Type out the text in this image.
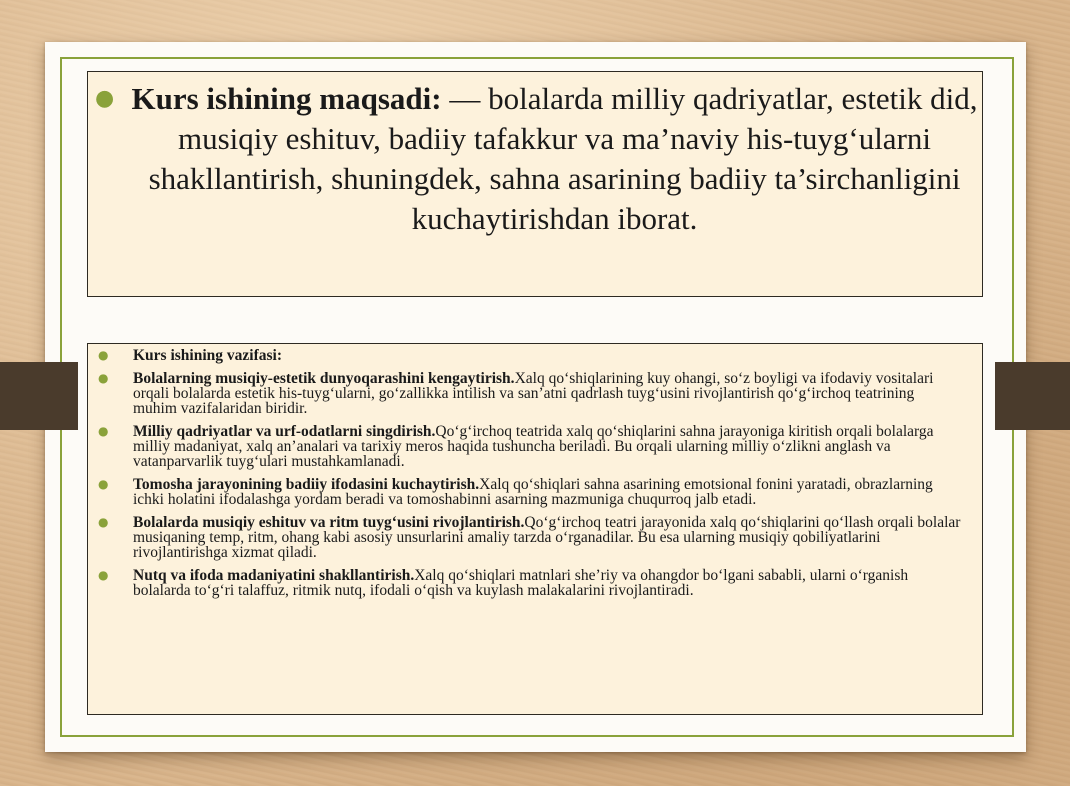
● Kurs ishining maqsadi: — bolalarda milliy qadriyatlar, estetik did, musiqiy eshituv, badiiy tafakkur va ma’naviy his-tuyg‘ularni shakllantirish, shuningdek, sahna asarining badiiy ta’sirchanligini kuchaytirishdan iborat.
● Kurs ishining vazifasi:
● Bolalarning musiqiy-estetik dunyoqarashini kengaytirish.Xalq qo‘shiqlarining kuy ohangi, so‘z boyligi va ifodaviy vositalari orqali bolalarda estetik his-tuyg‘ularni, go‘zallikka intilish va san’atni qadrlash tuyg‘usini rivojlantirish qo‘g‘irchoq teatrining muhim vazifalaridan biridir.
● Milliy qadriyatlar va urf-odatlarni singdirish.Qo‘g‘irchoq teatrida xalq qo‘shiqlarini sahna jarayoniga kiritish orqali bolalarga milliy madaniyat, xalq an’analari va tarixiy meros haqida tushuncha beriladi. Bu orqali ularning milliy o‘zlikni anglash va vatanparvarlik tuyg‘ulari mustahkamlanadi.
● Tomosha jarayonining badiiy ifodasini kuchaytirish.Xalq qo‘shiqlari sahna asarining emotsional fonini yaratadi, obrazlarning ichki holatini ifodalashga yordam beradi va tomoshabinni asarning mazmuniga chuqurroq jalb etadi.
● Bolalarda musiqiy eshituv va ritm tuyg‘usini rivojlantirish.Qo‘g‘irchoq teatri jarayonida xalq qo‘shiqlarini qo‘llash orqali bolalar musiqaning temp, ritm, ohang kabi asosiy unsurlarini amaliy tarzda o‘rganadilar. Bu esa ularning musiqiy qobiliyatlarini rivojlantirishga xizmat qiladi.
● Nutq va ifoda madaniyatini shakllantirish.Xalq qo‘shiqlari matnlari she’riy va ohangdor bo‘lgani sababli, ularni o‘rganish bolalarda to‘g‘ri talaffuz, ritmik nutq, ifodali o‘qish va kuylash malakalarini rivojlantiradi.
